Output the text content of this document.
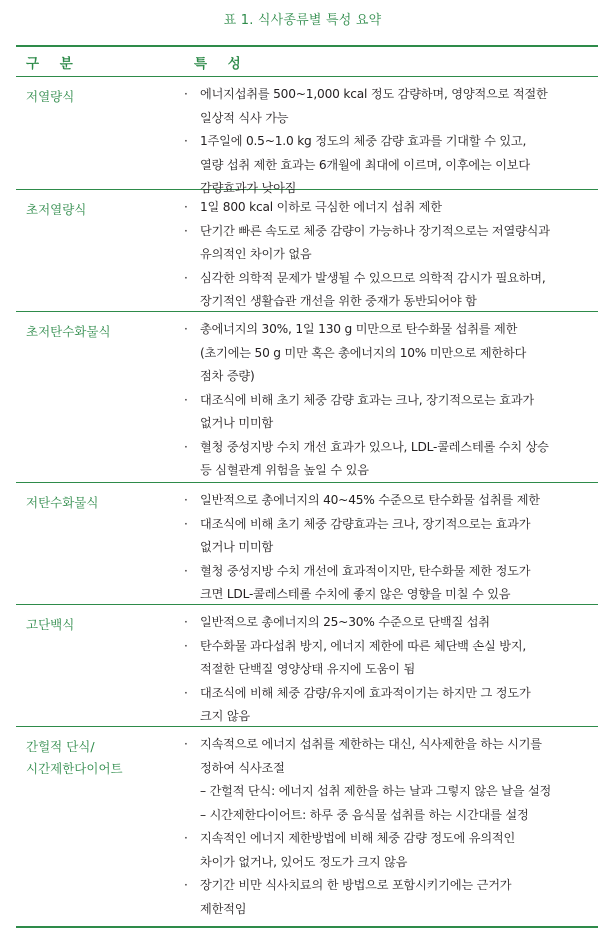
표 1. 식사종류별 특성 요약
구 분	특 성
저열량식	·	에너지섭취를 500~1,000 kcal 정도 감량하며, 영양적으로 적절한
일상적 식사 가능
·	1주일에 0.5~1.0 kg 정도의 체중 감량 효과를 기대할 수 있고,
열량 섭취 제한 효과는 6개월에 최대에 이르며, 이후에는 이보다
감량효과가 낮아짐
초저열량식	·	1일 800 kcal 이하로 극심한 에너지 섭취 제한
·	단기간 빠른 속도로 체중 감량이 가능하나 장기적으로는 저열량식과
유의적인 차이가 없음
·	심각한 의학적 문제가 발생될 수 있으므로 의학적 감시가 필요하며,
장기적인 생활습관 개선을 위한 중재가 동반되어야 함
초저탄수화물식	·	총에너지의 30%, 1일 130 g 미만으로 탄수화물 섭취를 제한
(초기에는 50 g 미만 혹은 총에너지의 10% 미만으로 제한하다
점차 증량)
·	대조식에 비해 초기 체중 감량 효과는 크나, 장기적으로는 효과가
없거나 미미함
·	혈청 중성지방 수치 개선 효과가 있으나, LDL-콜레스테롤 수치 상승
등 심혈관계 위험을 높일 수 있음
저탄수화물식	·	일반적으로 총에너지의 40~45% 수준으로 탄수화물 섭취를 제한
·	대조식에 비해 초기 체중 감량효과는 크나, 장기적으로는 효과가
없거나 미미함
·	혈청 중성지방 수치 개선에 효과적이지만, 탄수화물 제한 정도가
크면 LDL-콜레스테롤 수치에 좋지 않은 영향을 미칠 수 있음
고단백식	·	일반적으로 총에너지의 25~30% 수준으로 단백질 섭취
·	탄수화물 과다섭취 방지, 에너지 제한에 따른 체단백 손실 방지,
적절한 단백질 영양상태 유지에 도움이 됨
·	대조식에 비해 체중 감량/유지에 효과적이기는 하지만 그 정도가
크지 않음
간헐적 단식/
시간제한다이어트
·	지속적으로 에너지 섭취를 제한하는 대신, 식사제한을 하는 시기를
정하여 식사조절
– 간헐적 단식: 에너지 섭취 제한을 하는 날과 그렇지 않은 날을 설정
– 시간제한다이어트: 하루 중 음식물 섭취를 하는 시간대를 설정
·	지속적인 에너지 제한방법에 비해 체중 감량 정도에 유의적인
차이가 없거나, 있어도 정도가 크지 않음
·	장기간 비만 식사치료의 한 방법으로 포함시키기에는 근거가
제한적임
